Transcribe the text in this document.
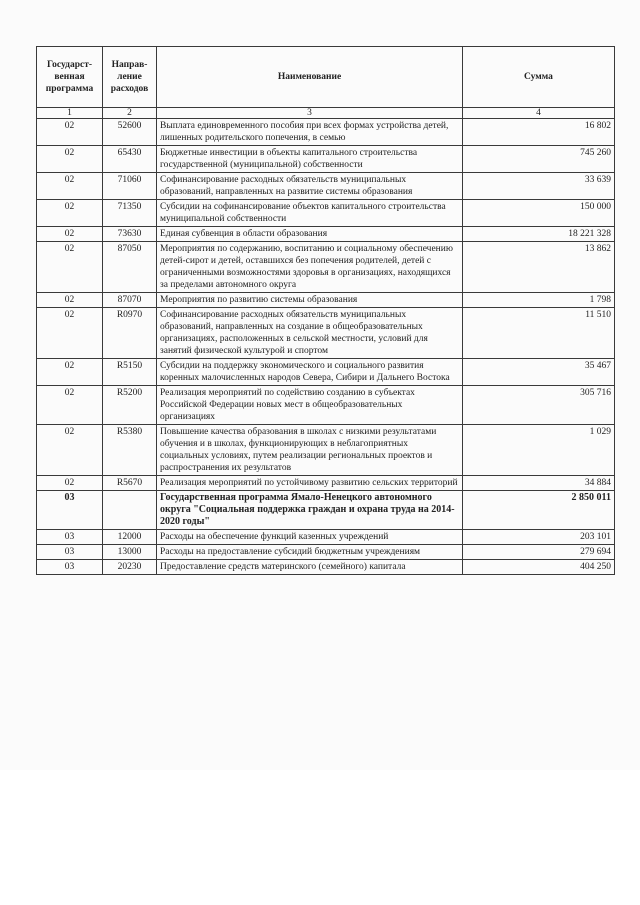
Государст-венная программа	Направ-ление расходов	Наименование	Сумма
1	2	3	4
02	52600	Выплата единовременного пособия при всех формах устройства детей, лишенных родительского попечения, в семью	16 802
02	65430	Бюджетные инвестиции в объекты капитального строительства государственной (муниципальной) собственности	745 260
02	71060	Софинансирование расходных обязательств муниципальных образований, направленных на развитие системы образования	33 639
02	71350	Субсидии на софинансирование объектов капитального строительства муниципальной собственности	150 000
02	73630	Единая субвенция в области образования	18 221 328
02	87050	Мероприятия по содержанию, воспитанию и социальному обеспечению детей-сирот и детей, оставшихся без попечения родителей, детей с ограниченными возможностями здоровья в организациях, находящихся за пределами автономного округа	13 862
02	87070	Мероприятия по развитию системы образования	1 798
02	R0970	Софинансирование расходных обязательств муниципальных образований, направленных на создание в общеобразовательных организациях, расположенных в сельской местности, условий для занятий физической культурой и спортом	11 510
02	R5150	Субсидии на поддержку экономического и социального развития коренных малочисленных народов Севера, Сибири и Дальнего Востока	35 467
02	R5200	Реализация мероприятий по содействию созданию в субъектах Российской Федерации новых мест в общеобразовательных организациях	305 716
02	R5380	Повышение качества образования в школах с низкими результатами обучения и в школах, функционирующих в неблагоприятных социальных условиях, путем реализации региональных проектов и распространения их результатов	1 029
02	R5670	Реализация мероприятий по устойчивому развитию сельских территорий	34 884
03		Государственная программа Ямало-Ненецкого автономного округа "Социальная поддержка граждан и охрана труда на 2014-2020 годы"	2 850 011
03	12000	Расходы на обеспечение функций казенных учреждений	203 101
03	13000	Расходы на предоставление субсидий бюджетным учреждениям	279 694
03	20230	Предоставление средств материнского (семейного) капитала	404 250
